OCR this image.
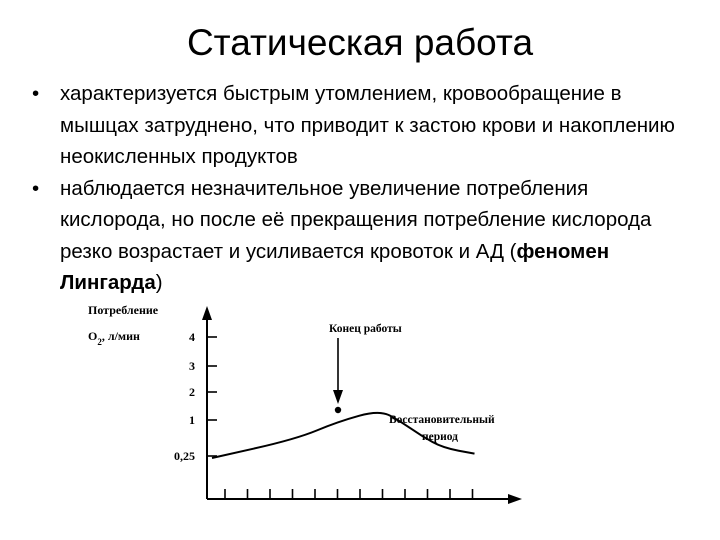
Статическая работа
• характеризуется быстрым утомлением, кровообращение в мышцах затруднено, что приводит к застою крови и накоплению неокисленных продуктов
• наблюдается незначительное увеличение потребления кислорода, но после её прекращения потребление кислорода резко возрастает и усиливается кровоток и АД (феномен Лингарда)
Потребление
$O_2$, л/мин	4
3
2
1
0,25
Конец работы
Восстановительный
период
